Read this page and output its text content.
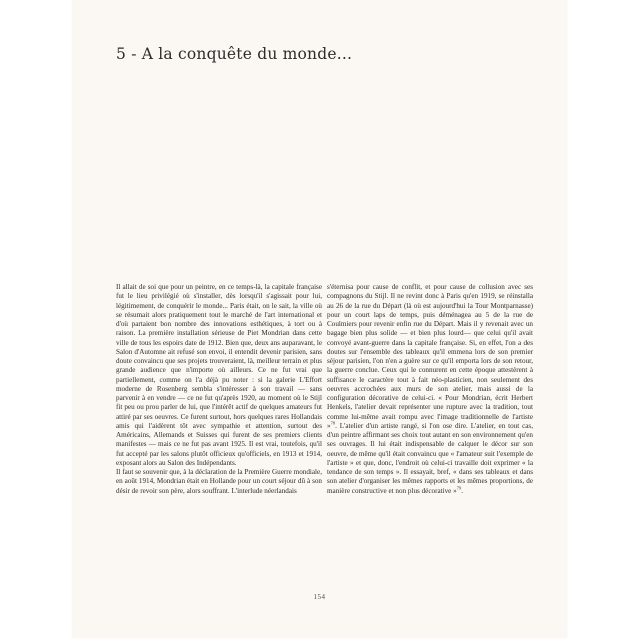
5 - A la conquête du monde...

Il allait de soi que pour un peintre, en ce temps-là, la capitale française fut le lieu privilégié où s'installer, dès lorsqu'il s'agissait pour lui, légitimement, de conquérir le monde... Paris était, on le sait, la ville où se résumait alors pratiquement tout le marché de l'art international et d'où partaient bon nombre des innovations esthétiques, à tort ou à raison. La première installation sérieuse de Piet Mondrian dans cette ville de tous les espoirs date de 1912. Bien que, deux ans auparavant, le Salon d'Automne ait refusé son envoi, il entendit devenir parisien, sans doute convaincu que ses projets trouveraient, là, meilleur terrain et plus grande audience que n'importe où ailleurs. Ce ne fut vrai que partiellement, comme on l'a déjà pu noter : si la galerie L'Effort moderne de Rosenberg sembla s'intéresser à son travail — sans parvenir à en vendre — ce ne fut qu'après 1920, au moment où le Stijl fit peu ou prou parler de lui, que l'intérêt actif de quelques amateurs fut attiré par ses oeuvres. Ce furent surtout, hors quelques rares Hollandais amis qui l'aidèrent tôt avec sympathie et attention, surtout des Américains, Allemands et Suisses qui furent de ses premiers clients manifestes — mais ce ne fut pas avant 1925. Il est vrai, toutefois, qu'il fut accepté par les salons plutôt officieux qu'officiels, en 1913 et 1914, exposant alors au Salon des Indépendants.

Il faut se souvenir que, à la déclaration de la Première Guerre mondiale, en août 1914, Mondrian était en Hollande pour un court séjour dû à son désir de revoir son père, alors souffrant. L'interlude néerlandais

s'éternisa pour cause de conflit, et pour cause de collusion avec ses compagnons du Stijl. Il ne revint donc à Paris qu'en 1919, se réinstalla au 26 de la rue du Départ (là où est aujourd'hui la Tour Montparnasse) pour un court laps de temps, puis déménagea au 5 de la rue de Coulmiers pour revenir enfin rue du Départ. Mais il y revenait avec un bagage bien plus solide — et bien plus lourd— que celui qu'il avait convoyé avant-guerre dans la capitale française. Si, en effet, l'on a des doutes sur l'ensemble des tableaux qu'il emmena lors de son premier séjour parisien, l'on n'en a guère sur ce qu'il emporta lors de son retour, la guerre conclue. Ceux qui le connurent en cette époque attestèrent à suffisance le caractère tout à fait néo-plasticien, non seulement des oeuvres accrochées aux murs de son atelier, mais aussi de la configuration décorative de celui-ci. « Pour Mondrian, écrit Herbert Henkels, l'atelier devait représenter une rupture avec la tradition, tout comme lui-même avait rompu avec l'image traditionnelle de l'artiste »$^{78}$. L'atelier d'un artiste rangé, si l'on ose dire. L'atelier, en tout cas, d'un peintre affirmant ses choix tout autant en son environnement qu'en ses ouvrages. Il lui était indispensable de calquer le décor sur son oeuvre, de même qu'il était convaincu que « l'amateur suit l'exemple de l'artiste » et que, donc, l'endroit où celui-ci travaille doit exprimer « la tendance de son temps ». Il essayait, bref, « dans ses tableaux et dans son atelier d'organiser les mêmes rapports et les mêmes proportions, de manière constructive et non plus décorative »$^{79}$.

154
